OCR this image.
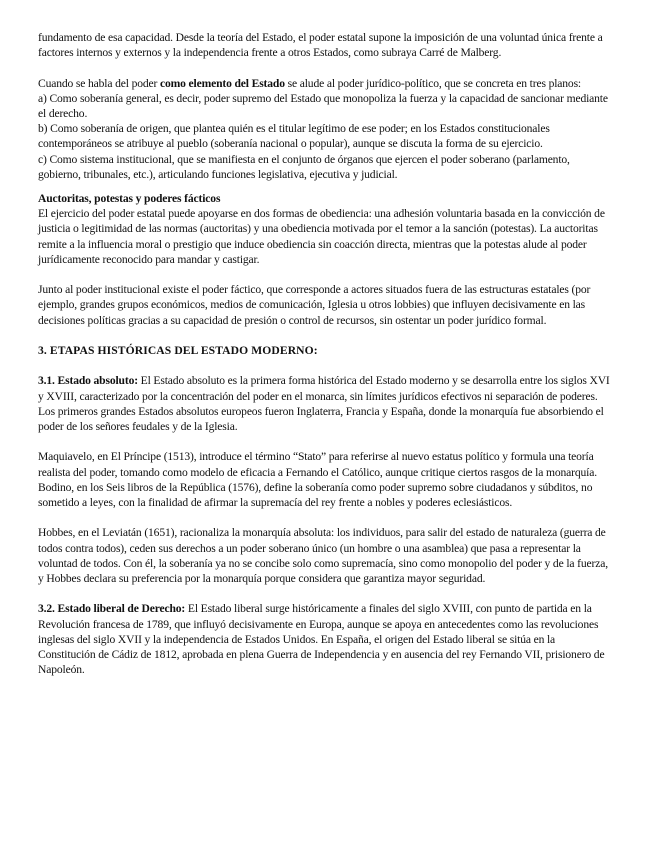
fundamento de esa capacidad. Desde la teoría del Estado, el poder estatal supone la imposición de una voluntad única frente a factores internos y externos y la independencia frente a otros Estados, como subraya Carré de Malberg.

Cuando se habla del poder como elemento del Estado se alude al poder jurídico-político, que se concreta en tres planos:

a) Como soberanía general, es decir, poder supremo del Estado que monopoliza la fuerza y la capacidad de sancionar mediante el derecho.

b) Como soberanía de origen, que plantea quién es el titular legítimo de ese poder; en los Estados constitucionales contemporáneos se atribuye al pueblo (soberanía nacional o popular), aunque se discuta la forma de su ejercicio.

c) Como sistema institucional, que se manifiesta en el conjunto de órganos que ejercen el poder soberano (parlamento, gobierno, tribunales, etc.), articulando funciones legislativa, ejecutiva y judicial.

Auctoritas, potestas y poderes fácticos

El ejercicio del poder estatal puede apoyarse en dos formas de obediencia: una adhesión voluntaria basada en la convicción de justicia o legitimidad de las normas (auctoritas) y una obediencia motivada por el temor a la sanción (potestas). La auctoritas remite a la influencia moral o prestigio que induce obediencia sin coacción directa, mientras que la potestas alude al poder jurídicamente reconocido para mandar y castigar.

Junto al poder institucional existe el poder fáctico, que corresponde a actores situados fuera de las estructuras estatales (por ejemplo, grandes grupos económicos, medios de comunicación, Iglesia u otros lobbies) que influyen decisivamente en las decisiones políticas gracias a su capacidad de presión o control de recursos, sin ostentar un poder jurídico formal.

3. ETAPAS HISTÓRICAS DEL ESTADO MODERNO:

3.1. Estado absoluto: El Estado absoluto es la primera forma histórica del Estado moderno y se desarrolla entre los siglos XVI y XVIII, caracterizado por la concentración del poder en el monarca, sin límites jurídicos efectivos ni separación de poderes. Los primeros grandes Estados absolutos europeos fueron Inglaterra, Francia y España, donde la monarquía fue absorbiendo el poder de los señores feudales y de la Iglesia.

Maquiavelo, en El Príncipe (1513), introduce el término “Stato” para referirse al nuevo estatus político y formula una teoría realista del poder, tomando como modelo de eficacia a Fernando el Católico, aunque critique ciertos rasgos de la monarquía. Bodino, en los Seis libros de la República (1576), define la soberanía como poder supremo sobre ciudadanos y súbditos, no sometido a leyes, con la finalidad de afirmar la supremacía del rey frente a nobles y poderes eclesiásticos.

Hobbes, en el Leviatán (1651), racionaliza la monarquía absoluta: los individuos, para salir del estado de naturaleza (guerra de todos contra todos), ceden sus derechos a un poder soberano único (un hombre o una asamblea) que pasa a representar la voluntad de todos. Con él, la soberanía ya no se concibe solo como supremacía, sino como monopolio del poder y de la fuerza, y Hobbes declara su preferencia por la monarquía porque considera que garantiza mayor seguridad.

3.2. Estado liberal de Derecho: El Estado liberal surge históricamente a finales del siglo XVIII, con punto de partida en la Revolución francesa de 1789, que influyó decisivamente en Europa, aunque se apoya en antecedentes como las revoluciones inglesas del siglo XVII y la independencia de Estados Unidos. En España, el origen del Estado liberal se sitúa en la Constitución de Cádiz de 1812, aprobada en plena Guerra de Independencia y en ausencia del rey Fernando VII, prisionero de Napoleón.
